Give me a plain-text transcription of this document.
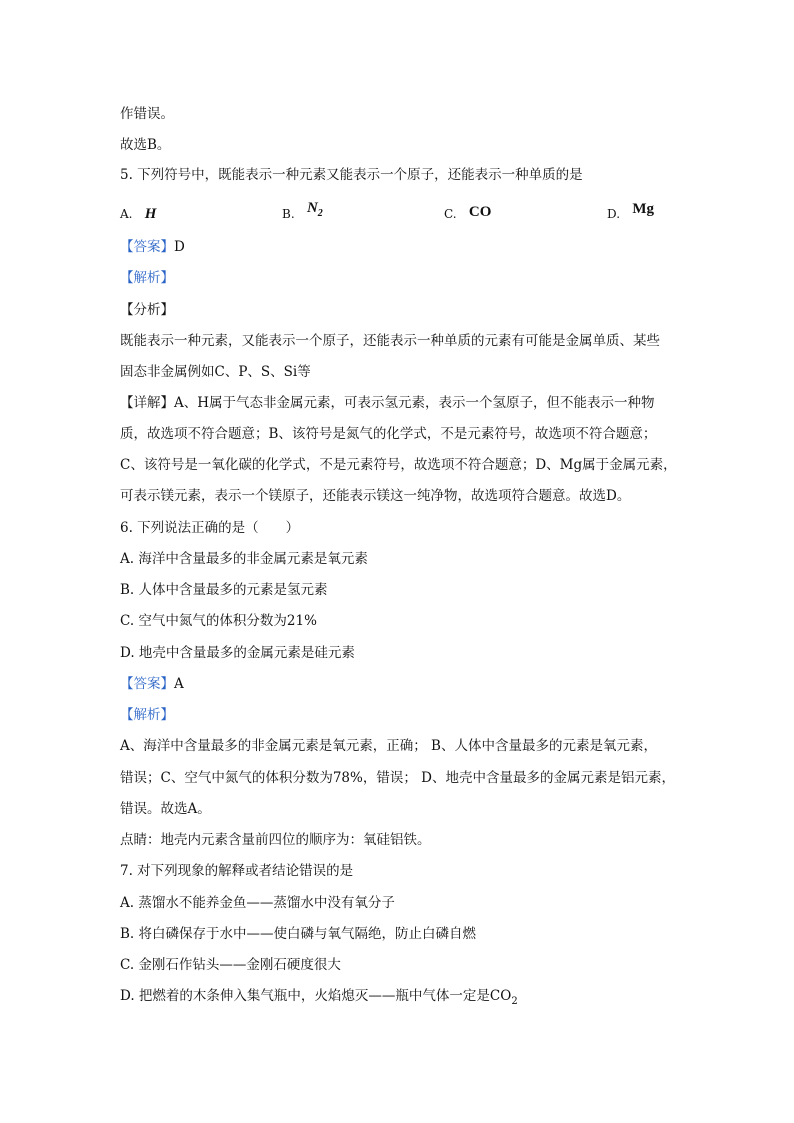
作错误。
故选B。
5. 下列符号中，既能表示一种元素又能表示一个原子，还能表示一种单质的是
A. H	B. $N_2$	C. CO	D. Mg
【答案】D
【解析】
【分析】
既能表示一种元素，又能表示一个原子，还能表示一种单质的元素有可能是金属单质、某些
固态非金属例如C、P、S、Si等
【详解】A、H属于气态非金属元素，可表示氢元素，表示一个氢原子，但不能表示一种物
质，故选项不符合题意；B、该符号是氮气的化学式，不是元素符号，故选项不符合题意；
C、该符号是一氧化碳的化学式，不是元素符号，故选项不符合题意；D、Mg属于金属元素，
可表示镁元素，表示一个镁原子，还能表示镁这一纯净物，故选项符合题意。故选D。
6. 下列说法正确的是（　　）
A. 海洋中含量最多的非金属元素是氧元素
B. 人体中含量最多的元素是氢元素
C. 空气中氮气的体积分数为21%
D. 地壳中含量最多的金属元素是硅元素
【答案】A
【解析】
A、海洋中含量最多的非金属元素是氧元素，正确； B、人体中含量最多的元素是氧元素，
错误；C、空气中氮气的体积分数为78%，错误； D、地壳中含量最多的金属元素是铝元素，
错误。故选A。
点睛：地壳内元素含量前四位的顺序为：氧硅铝铁。
7. 对下列现象的解释或者结论错误的是
A. 蒸馏水不能养金鱼——蒸馏水中没有氧分子
B. 将白磷保存于水中——使白磷与氧气隔绝，防止白磷自燃
C. 金刚石作钻头——金刚石硬度很大
D. 把燃着的木条伸入集气瓶中，火焰熄灭——瓶中气体一定是$CO_2$
